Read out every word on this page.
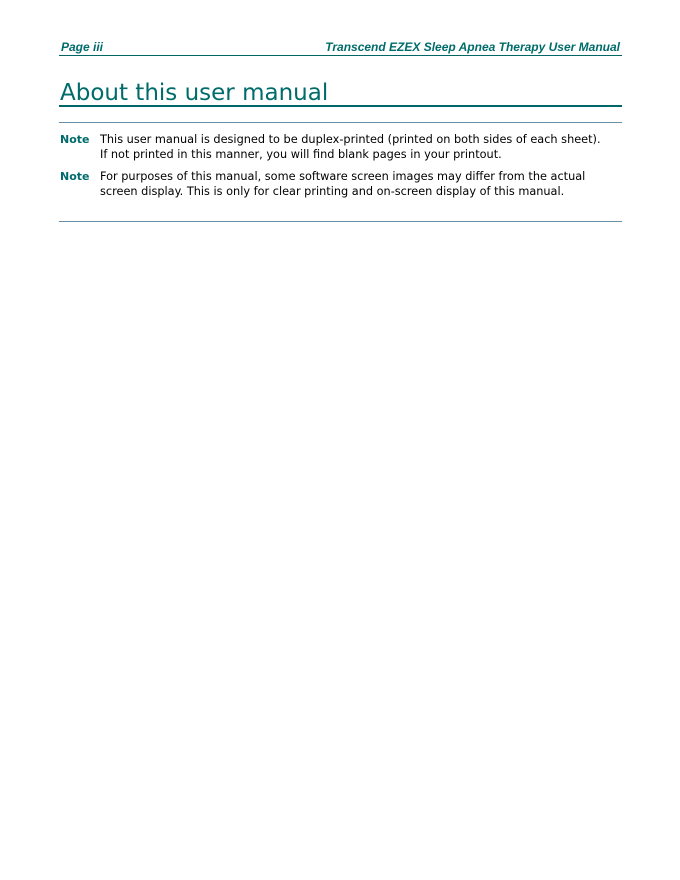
Page iii	Transcend EZEX Sleep Apnea Therapy User Manual
About this user manual
Note This user manual is designed to be duplex-printed (printed on both sides of each sheet). If not printed in this manner, you will find blank pages in your printout.
Note For purposes of this manual, some software screen images may differ from the actual screen display. This is only for clear printing and on-screen display of this manual.
